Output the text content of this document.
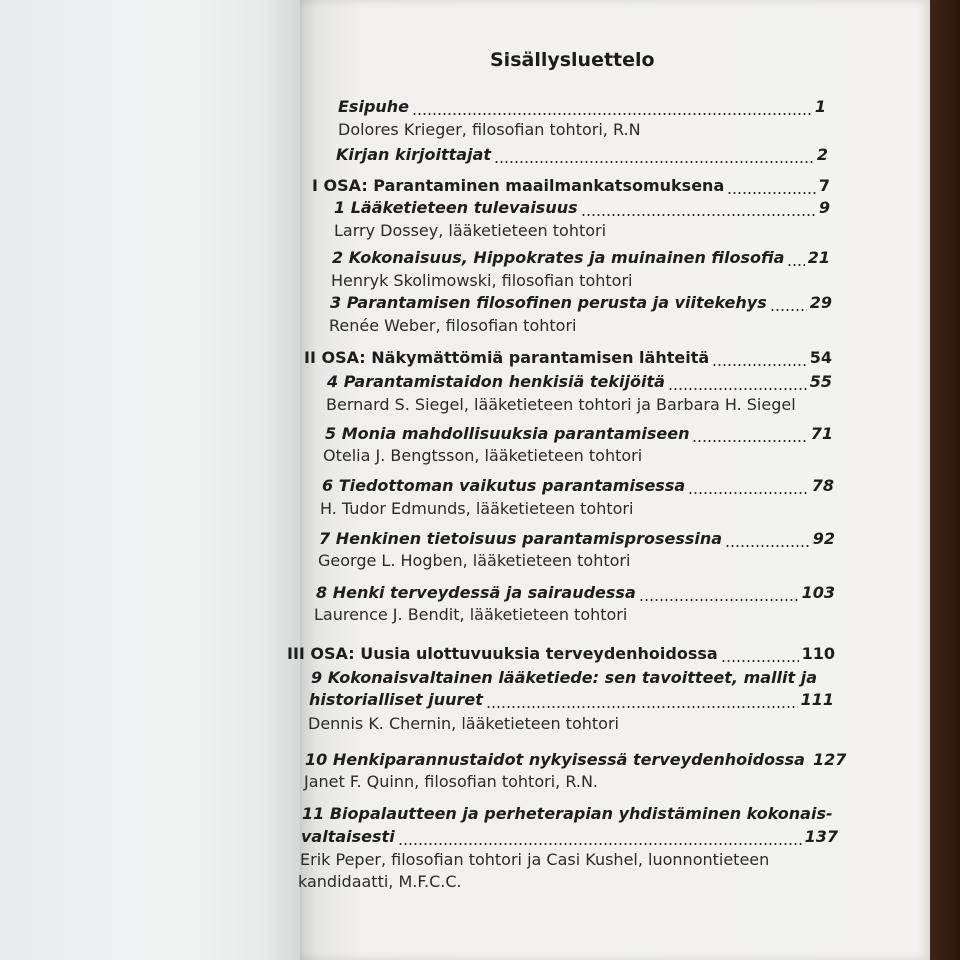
Sisällysluettelo
Esipuhe	1
Dolores Krieger, filosofian tohtori, R.N
Kirjan kirjoittajat	2
I OSA: Parantaminen maailmankatsomuksena	7
1 Lääketieteen tulevaisuus	9
Larry Dossey, lääketieteen tohtori
2 Kokonaisuus, Hippokrates ja muinainen filosofia 21
Henryk Skolimowski, filosofian tohtori
3 Parantamisen filosofinen perusta ja viitekehys	29
Renée Weber, filosofian tohtori
II OSA: Näkymättömiä parantamisen lähteitä	54
4 Parantamistaidon henkisiä tekijöitä	55
Bernard S. Siegel, lääketieteen tohtori ja Barbara H. Siegel
5 Monia mahdollisuuksia parantamiseen	71
Otelia J. Bengtsson, lääketieteen tohtori
6 Tiedottoman vaikutus parantamisessa	78
H. Tudor Edmunds, lääketieteen tohtori
7 Henkinen tietoisuus parantamisprosessina	92
George L. Hogben, lääketieteen tohtori
8 Henki terveydessä ja sairaudessa	103
Laurence J. Bendit, lääketieteen tohtori
III OSA: Uusia ulottuvuuksia terveydenhoidossa	110
9 Kokonaisvaltainen lääketiede: sen tavoitteet, mallit ja
historialliset juuret	111
Dennis K. Chernin, lääketieteen tohtori
10 Henkiparannustaidot nykyisessä terveydenhoidossa 127
Janet F. Quinn, filosofian tohtori, R.N.
11 Biopalautteen ja perheterapian yhdistäminen kokonais-
valtaisesti	137
Erik Peper, filosofian tohtori ja Casi Kushel, luonnontieteen
kandidaatti, M.F.C.C.
